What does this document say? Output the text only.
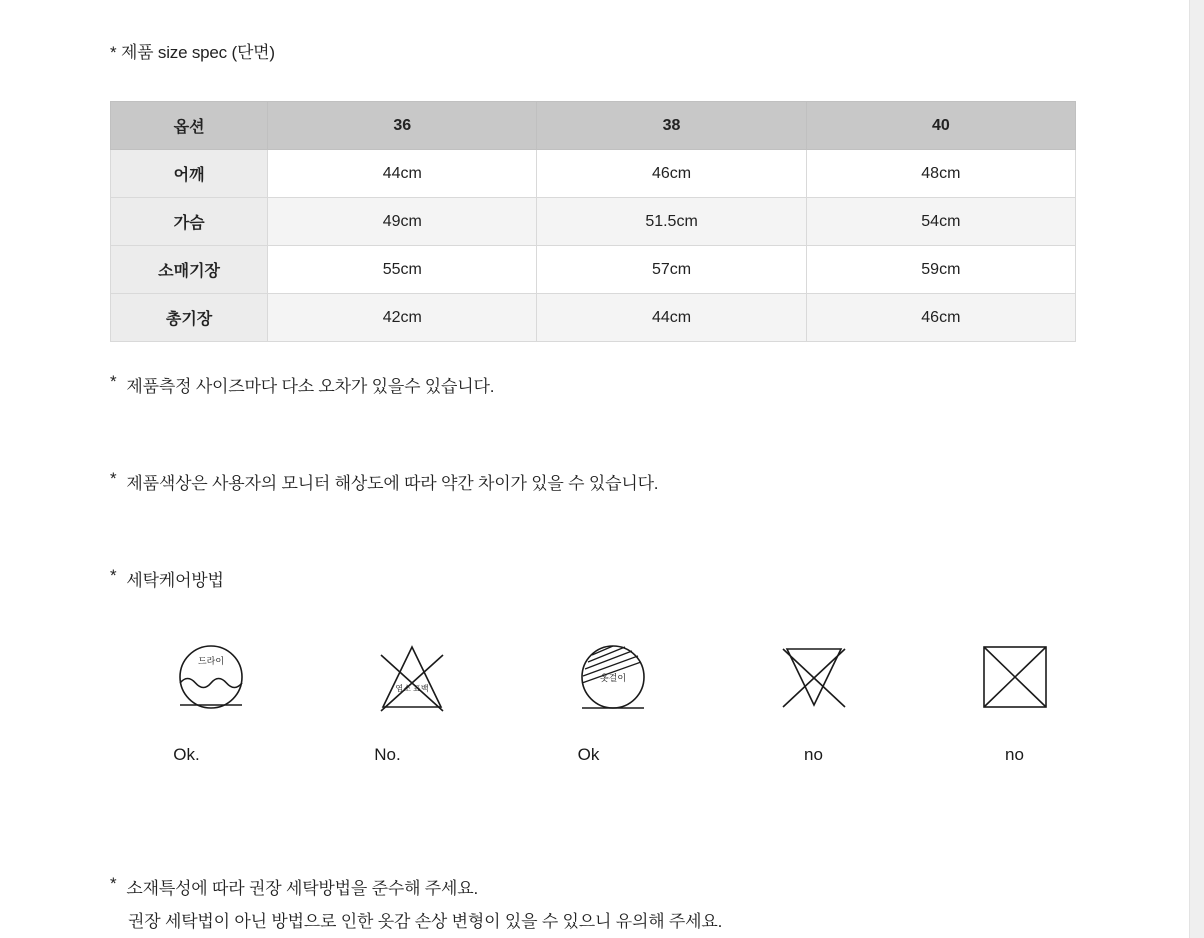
* 제품 size spec (단면)
옵션	36	38	40
어깨	44cm	46cm	48cm
가슴	49cm	51.5cm	54cm
소매기장	55cm	57cm	59cm
총기장	42cm	44cm	46cm
* 제품측정 사이즈마다 다소 오차가 있을수 있습니다.
* 제품색상은 사용자의 모니터 해상도에 따라 약간 차이가 있을 수 있습니다.
* 세탁케어방법
드라이
Ok.
염소 표백
No.
옷걸이
Ok	no	no
* 소재특성에 따라 권장 세탁방법을 준수해 주세요.
권장 세탁법이 아닌 방법으로 인한 옷감 손상 변형이 있을 수 있으니 유의해 주세요.
